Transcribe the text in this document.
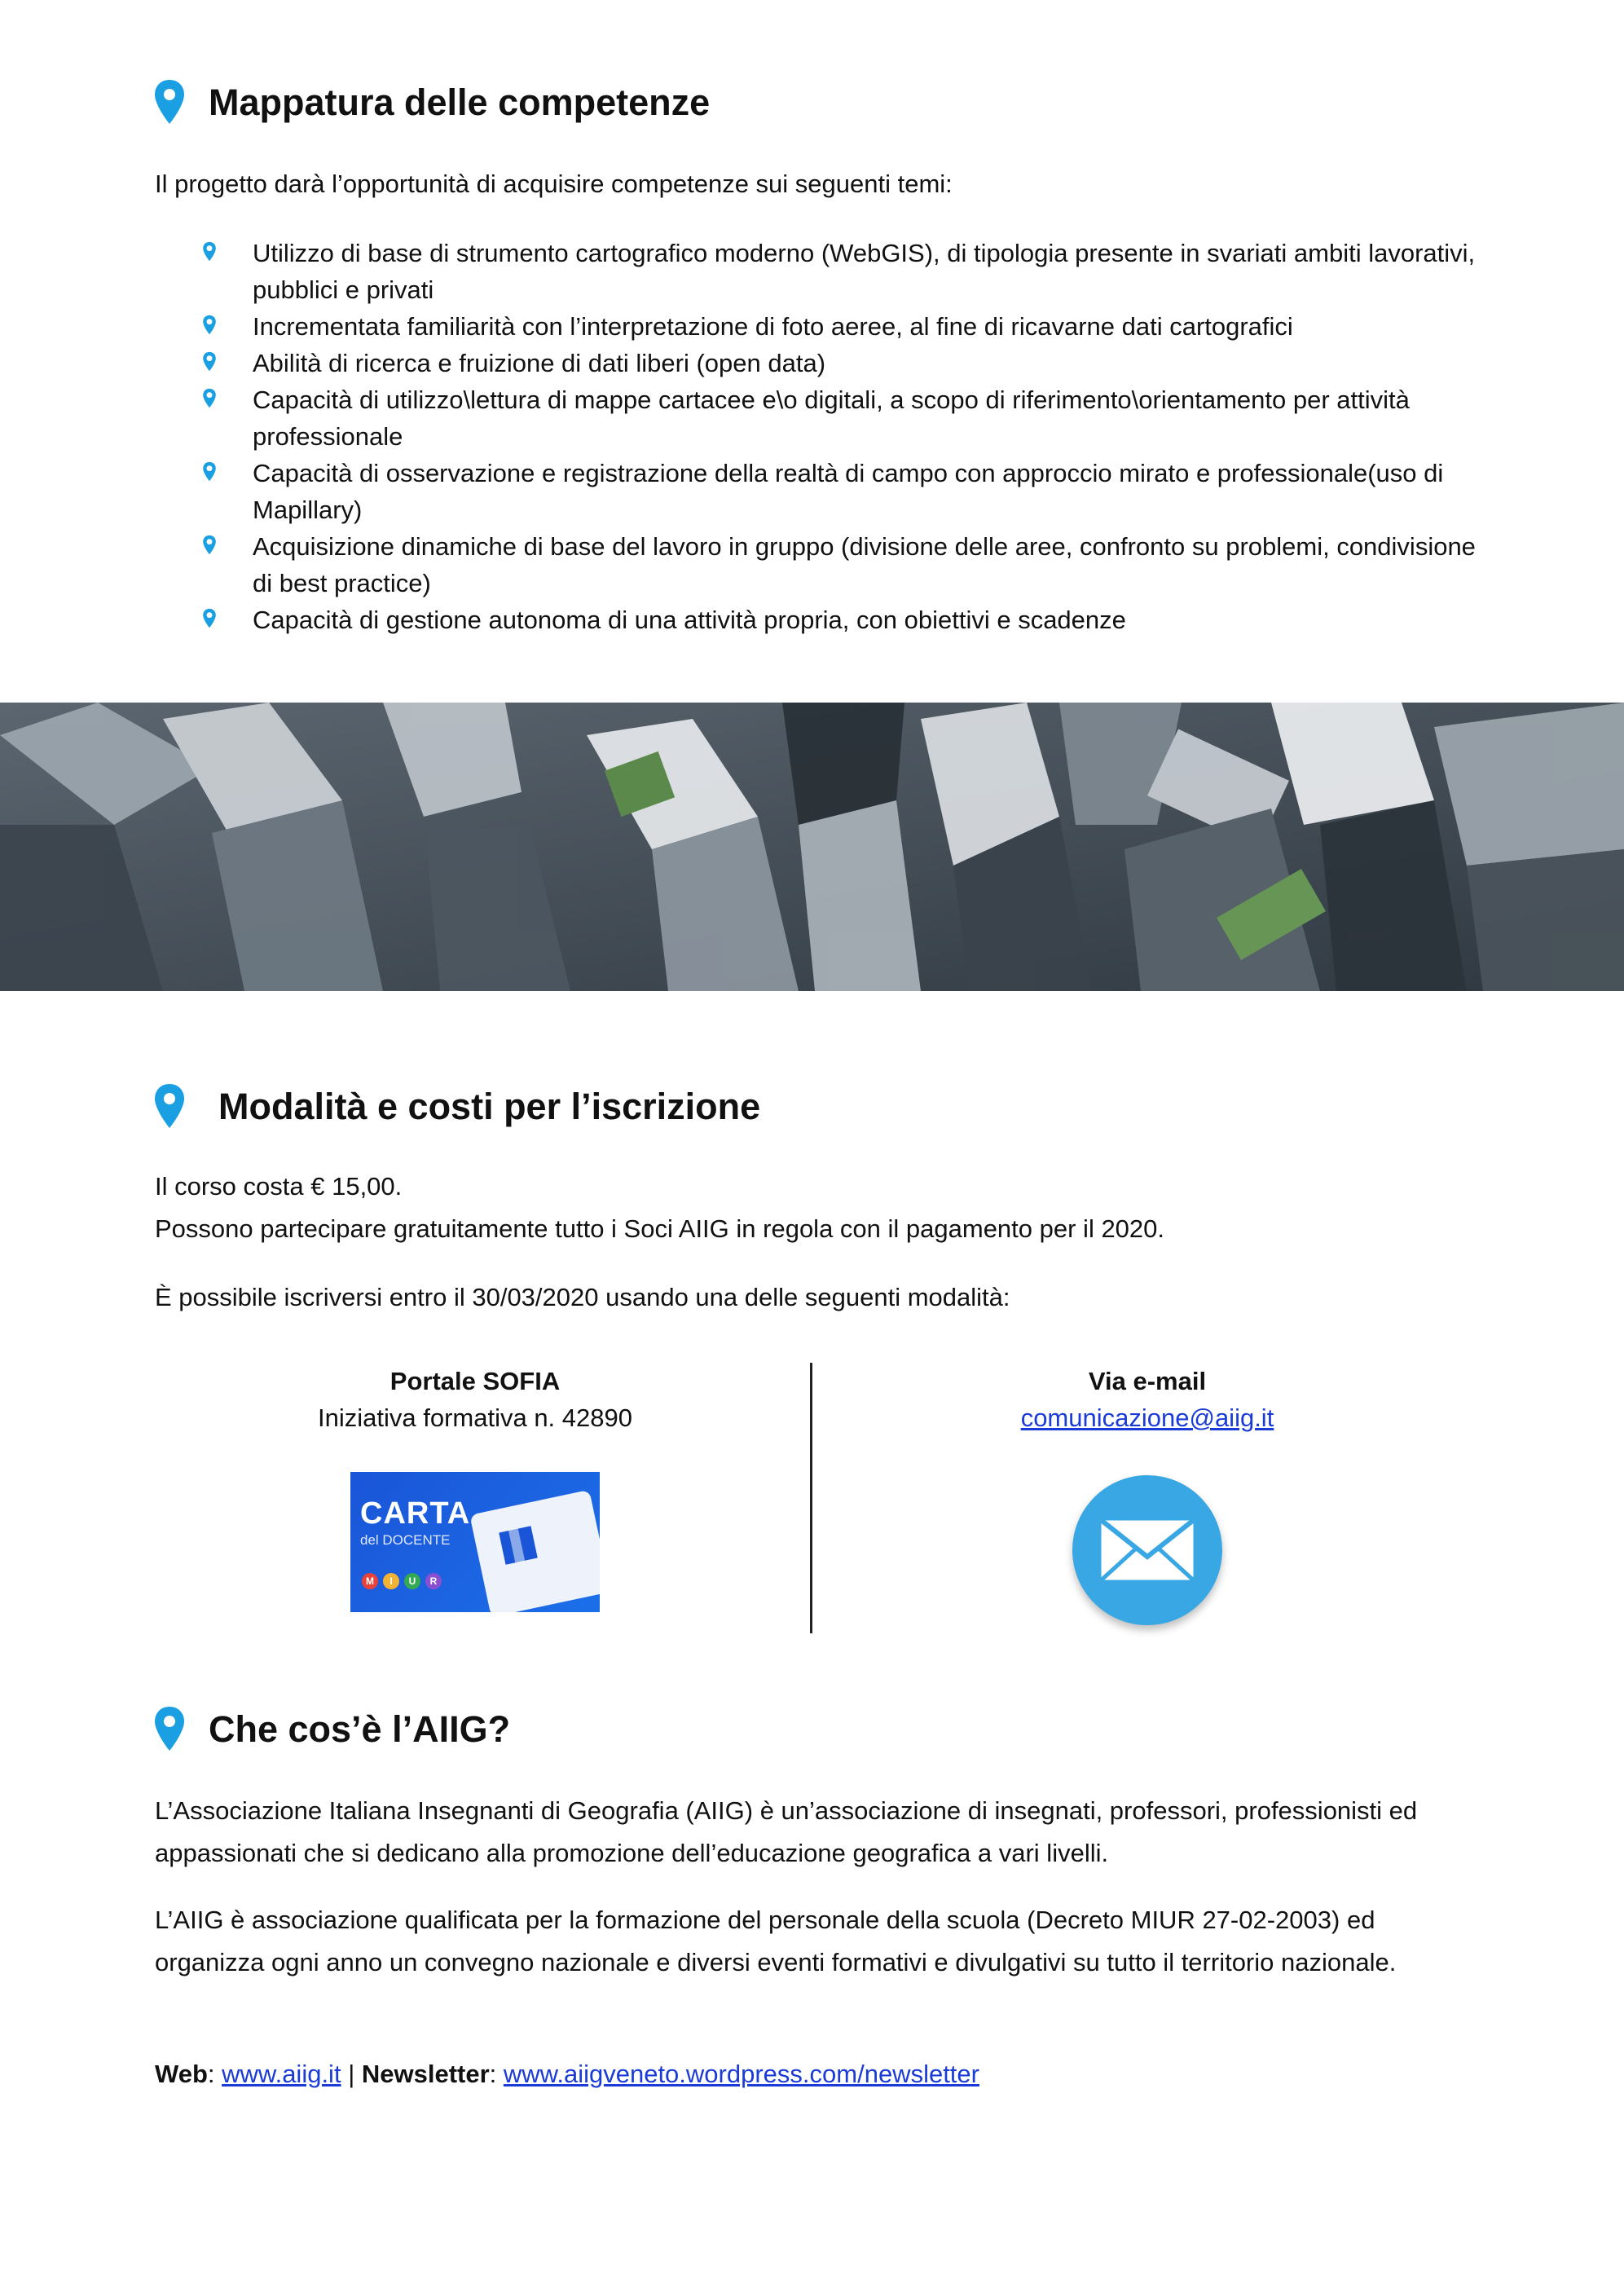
Mappatura delle competenze
Il progetto darà l’opportunità di acquisire competenze sui seguenti temi:
Utilizzo di base di strumento cartografico moderno (WebGIS), di tipologia presente in svariati ambiti lavorativi, pubblici e privati
Incrementata familiarità con l’interpretazione di foto aeree, al fine di ricavarne dati cartografici
Abilità di ricerca e fruizione di dati liberi (open data)
Capacità di utilizzo\lettura di mappe cartacee e\o digitali, a scopo di riferimento\orientamento per attività professionale
Capacità di osservazione e registrazione della realtà di campo con approccio mirato e professionale(uso di Mapillary)
Acquisizione dinamiche di base del lavoro in gruppo (divisione delle aree, confronto su problemi, condivisione di best practice)
Capacità di gestione autonoma di una attività propria, con obiettivi e scadenze
Modalità e costi per l’iscrizione
Il corso costa € 15,00.
Possono partecipare gratuitamente tutto i Soci AIIG in regola con il pagamento per il 2020.
È possibile iscriversi entro il 30/03/2020 usando una delle seguenti modalità:
Portale SOFIA
Iniziativa formativa n. 42890
CARTA
del DOCENTE
M	I	U	R
Via e-mail
comunicazione@aiig.it
Che cos’è l’AIIG?
L’Associazione Italiana Insegnanti di Geografia (AIIG) è un’associazione di insegnati, professori, professionisti ed appassionati che si dedicano alla promozione dell’educazione geografica a vari livelli.
L’AIIG è associazione qualificata per la formazione del personale della scuola (Decreto MIUR 27-02-2003) ed organizza ogni anno un convegno nazionale e diversi eventi formativi e divulgativi su tutto il territorio nazionale.
Web: www.aiig.it | Newsletter: www.aiigveneto.wordpress.com/newsletter
